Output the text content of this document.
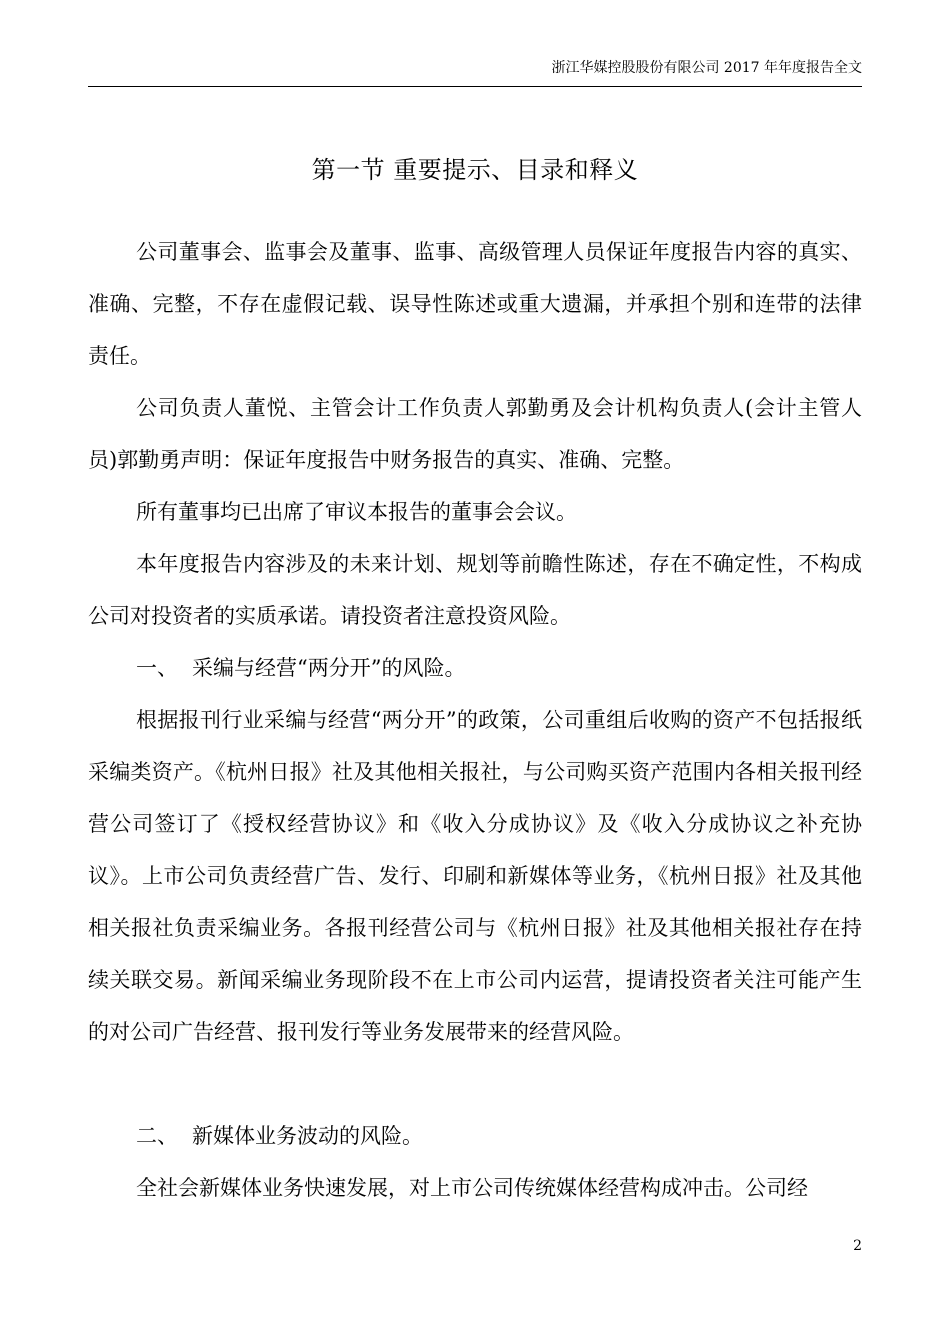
浙江华媒控股股份有限公司 2017 年年度报告全文
第一节 重要提示、目录和释义

公司董事会、监事会及董事、监事、高级管理人员保证年度报告内容的真实、准确、完整，不存在虚假记载、误导性陈述或重大遗漏，并承担个别和连带的法律责任。

公司负责人董悦、主管会计工作负责人郭勤勇及会计机构负责人(会计主管人员)郭勤勇声明：保证年度报告中财务报告的真实、准确、完整。

所有董事均已出席了审议本报告的董事会会议。

本年度报告内容涉及的未来计划、规划等前瞻性陈述，存在不确定性，不构成公司对投资者的实质承诺。请投资者注意投资风险。

一、 采编与经营“两分开”的风险。

根据报刊行业采编与经营“两分开”的政策，公司重组后收购的资产不包括报纸采编类资产。《杭州日报》社及其他相关报社，与公司购买资产范围内各相关报刊经营公司签订了《授权经营协议》和《收入分成协议》及《收入分成协议之补充协议》。上市公司负责经营广告、发行、印刷和新媒体等业务，《杭州日报》社及其他相关报社负责采编业务。各报刊经营公司与《杭州日报》社及其他相关报社存在持续关联交易。新闻采编业务现阶段不在上市公司内运营，提请投资者关注可能产生的对公司广告经营、报刊发行等业务发展带来的经营风险。

二、 新媒体业务波动的风险。

全社会新媒体业务快速发展，对上市公司传统媒体经营构成冲击。公司经

2
